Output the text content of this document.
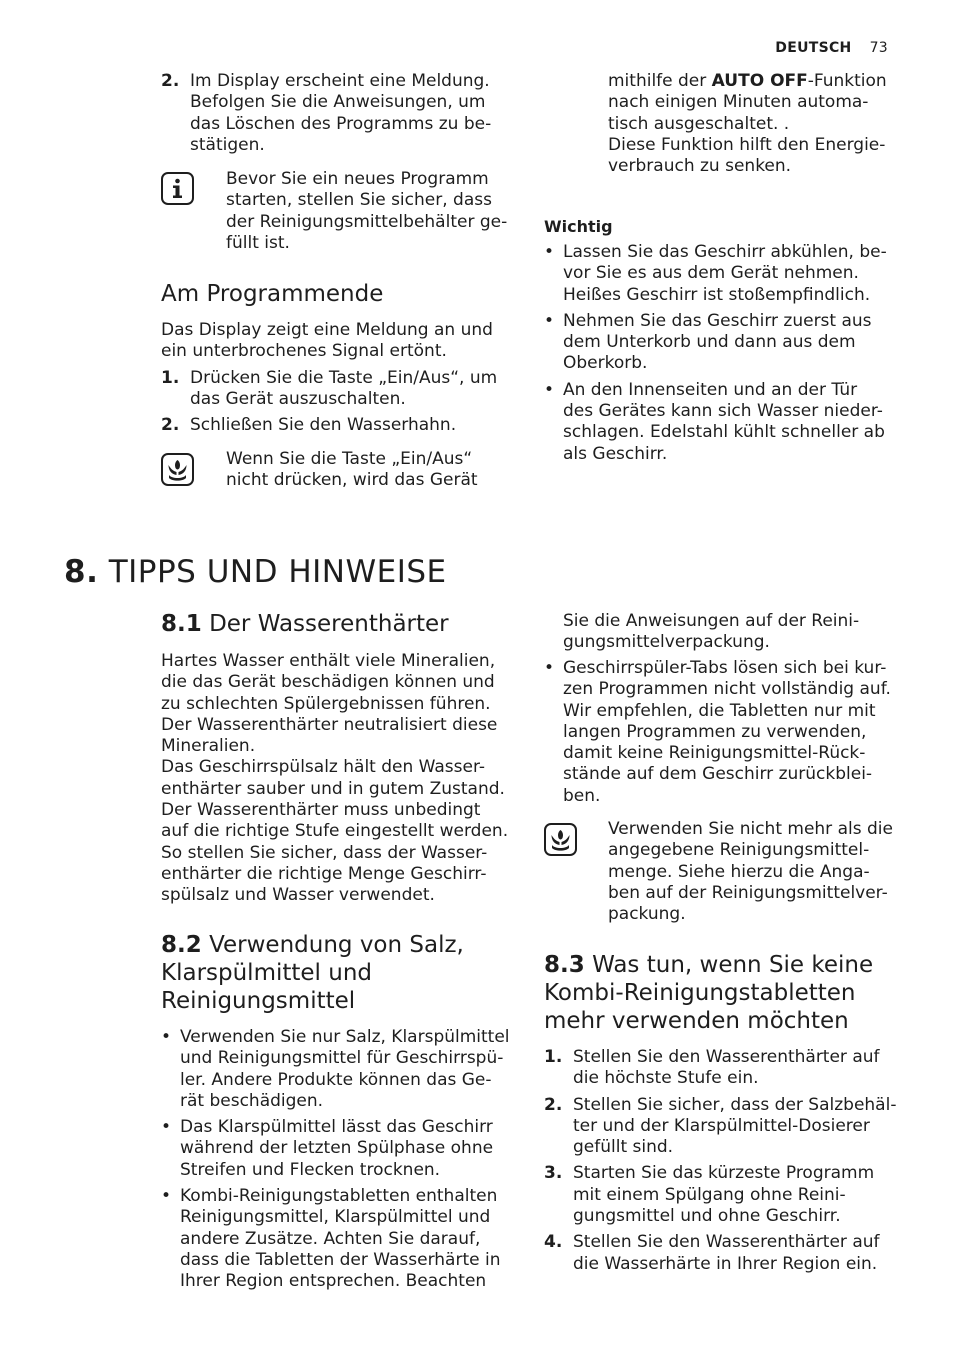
DEUTSCH 73
2. Im Display erscheint eine Meldung.

Befolgen Sie die Anweisungen, um

das Löschen des Programms zu be-

stätigen.

Bevor Sie ein neues Programm

starten, stellen Sie sicher, dass

der Reinigungsmittelbehälter ge-

füllt ist.

Am Programmende

Das Display zeigt eine Meldung an und

ein unterbrochenes Signal ertönt.

1. Drücken Sie die Taste „Ein/Aus“, um

das Gerät auszuschalten.

2. Schließen Sie den Wasserhahn.

Wenn Sie die Taste „Ein/Aus“

nicht drücken, wird das Gerät

mithilfe der AUTO OFF-Funktion

nach einigen Minuten automa-

tisch ausgeschaltet. .

Diese Funktion hilft den Energie-

verbrauch zu senken.

Wichtig
• Lassen Sie das Geschirr abkühlen, be-

vor Sie es aus dem Gerät nehmen.

Heißes Geschirr ist stoßempfindlich.

• Nehmen Sie das Geschirr zuerst aus

dem Unterkorb und dann aus dem

Oberkorb.

• An den Innenseiten und an der Tür

des Gerätes kann sich Wasser nieder-

schlagen. Edelstahl kühlt schneller ab

als Geschirr.

8. TIPPS UND HINWEISE
8.1 Der Wasserenthärter

Hartes Wasser enthält viele Mineralien,

die das Gerät beschädigen können und

zu schlechten Spülergebnissen führen.

Der Wasserenthärter neutralisiert diese

Mineralien.

Das Geschirrspülsalz hält den Wasser-

enthärter sauber und in gutem Zustand.

Der Wasserenthärter muss unbedingt

auf die richtige Stufe eingestellt werden.

So stellen Sie sicher, dass der Wasser-

enthärter die richtige Menge Geschirr-

spülsalz und Wasser verwendet.

8.2 Verwendung von Salz,

Klarspülmittel und

Reinigungsmittel

• Verwenden Sie nur Salz, Klarspülmittel

und Reinigungsmittel für Geschirrspü-

ler. Andere Produkte können das Ge-

rät beschädigen.

• Das Klarspülmittel lässt das Geschirr

während der letzten Spülphase ohne

Streifen und Flecken trocknen.

• Kombi-Reinigungstabletten enthalten

Reinigungsmittel, Klarspülmittel und

andere Zusätze. Achten Sie darauf,

dass die Tabletten der Wasserhärte in

Ihrer Region entsprechen. Beachten

Sie die Anweisungen auf der Reini-

gungsmittelverpackung.

• Geschirrspüler-Tabs lösen sich bei kur-

zen Programmen nicht vollständig auf.

Wir empfehlen, die Tabletten nur mit

langen Programmen zu verwenden,

damit keine Reinigungsmittel-Rück-

stände auf dem Geschirr zurückblei-

ben.

Verwenden Sie nicht mehr als die

angegebene Reinigungsmittel-

menge. Siehe hierzu die Anga-

ben auf der Reinigungsmittelver-

packung.

8.3 Was tun, wenn Sie keine

Kombi-Reinigungstabletten

mehr verwenden möchten

1. Stellen Sie den Wasserenthärter auf

die höchste Stufe ein.

2. Stellen Sie sicher, dass der Salzbehäl-

ter und der Klarspülmittel-Dosierer

gefüllt sind.

3. Starten Sie das kürzeste Programm

mit einem Spülgang ohne Reini-

gungsmittel und ohne Geschirr.

4. Stellen Sie den Wasserenthärter auf

die Wasserhärte in Ihrer Region ein.
